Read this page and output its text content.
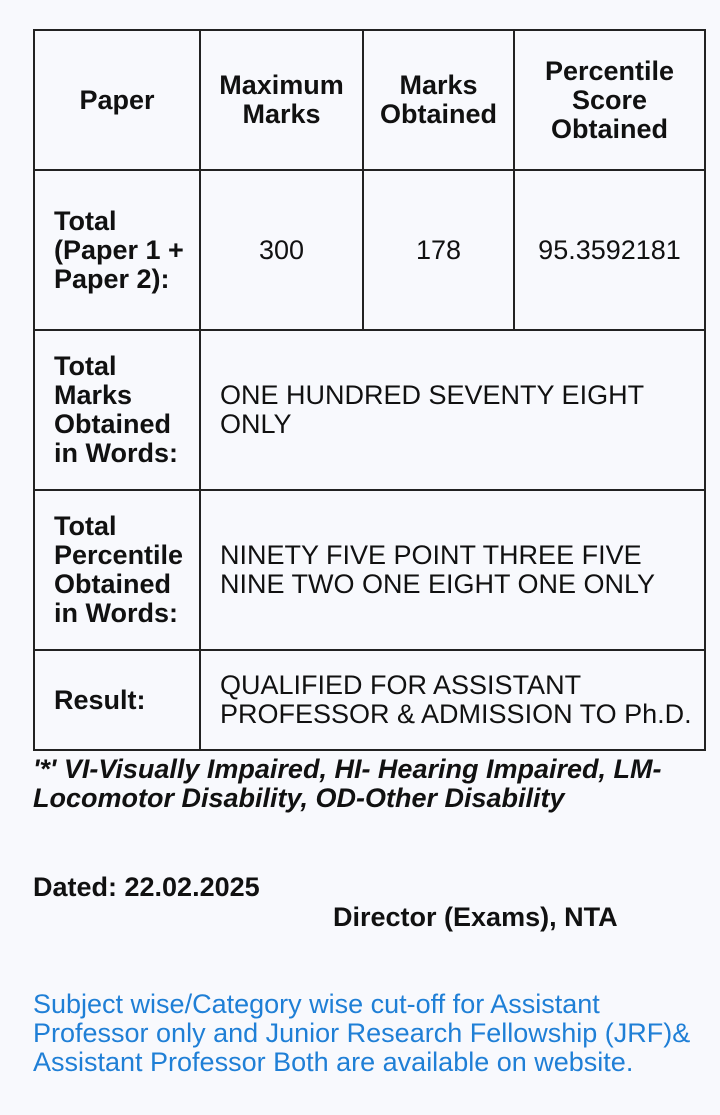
Paper	Maximum Marks	Marks Obtained	Percentile Score Obtained
Total (Paper 1 + Paper 2):	300	178	95.3592181
Total Marks Obtained in Words:	ONE HUNDRED SEVENTY EIGHT ONLY		
Total Percentile Obtained in Words:	NINETY FIVE POINT THREE FIVE NINE TWO ONE EIGHT ONE ONLY		
Result:	QUALIFIED FOR ASSISTANT PROFESSOR & ADMISSION TO Ph.D.		
'*' VI-Visually Impaired, HI- Hearing Impaired, LM-Locomotor Disability, OD-Other Disability
Dated: 22.02.2025
Director (Exams), NTA
Subject wise/Category wise cut-off for Assistant Professor only and Junior Research Fellowship (JRF)& Assistant Professor Both are available on website.
